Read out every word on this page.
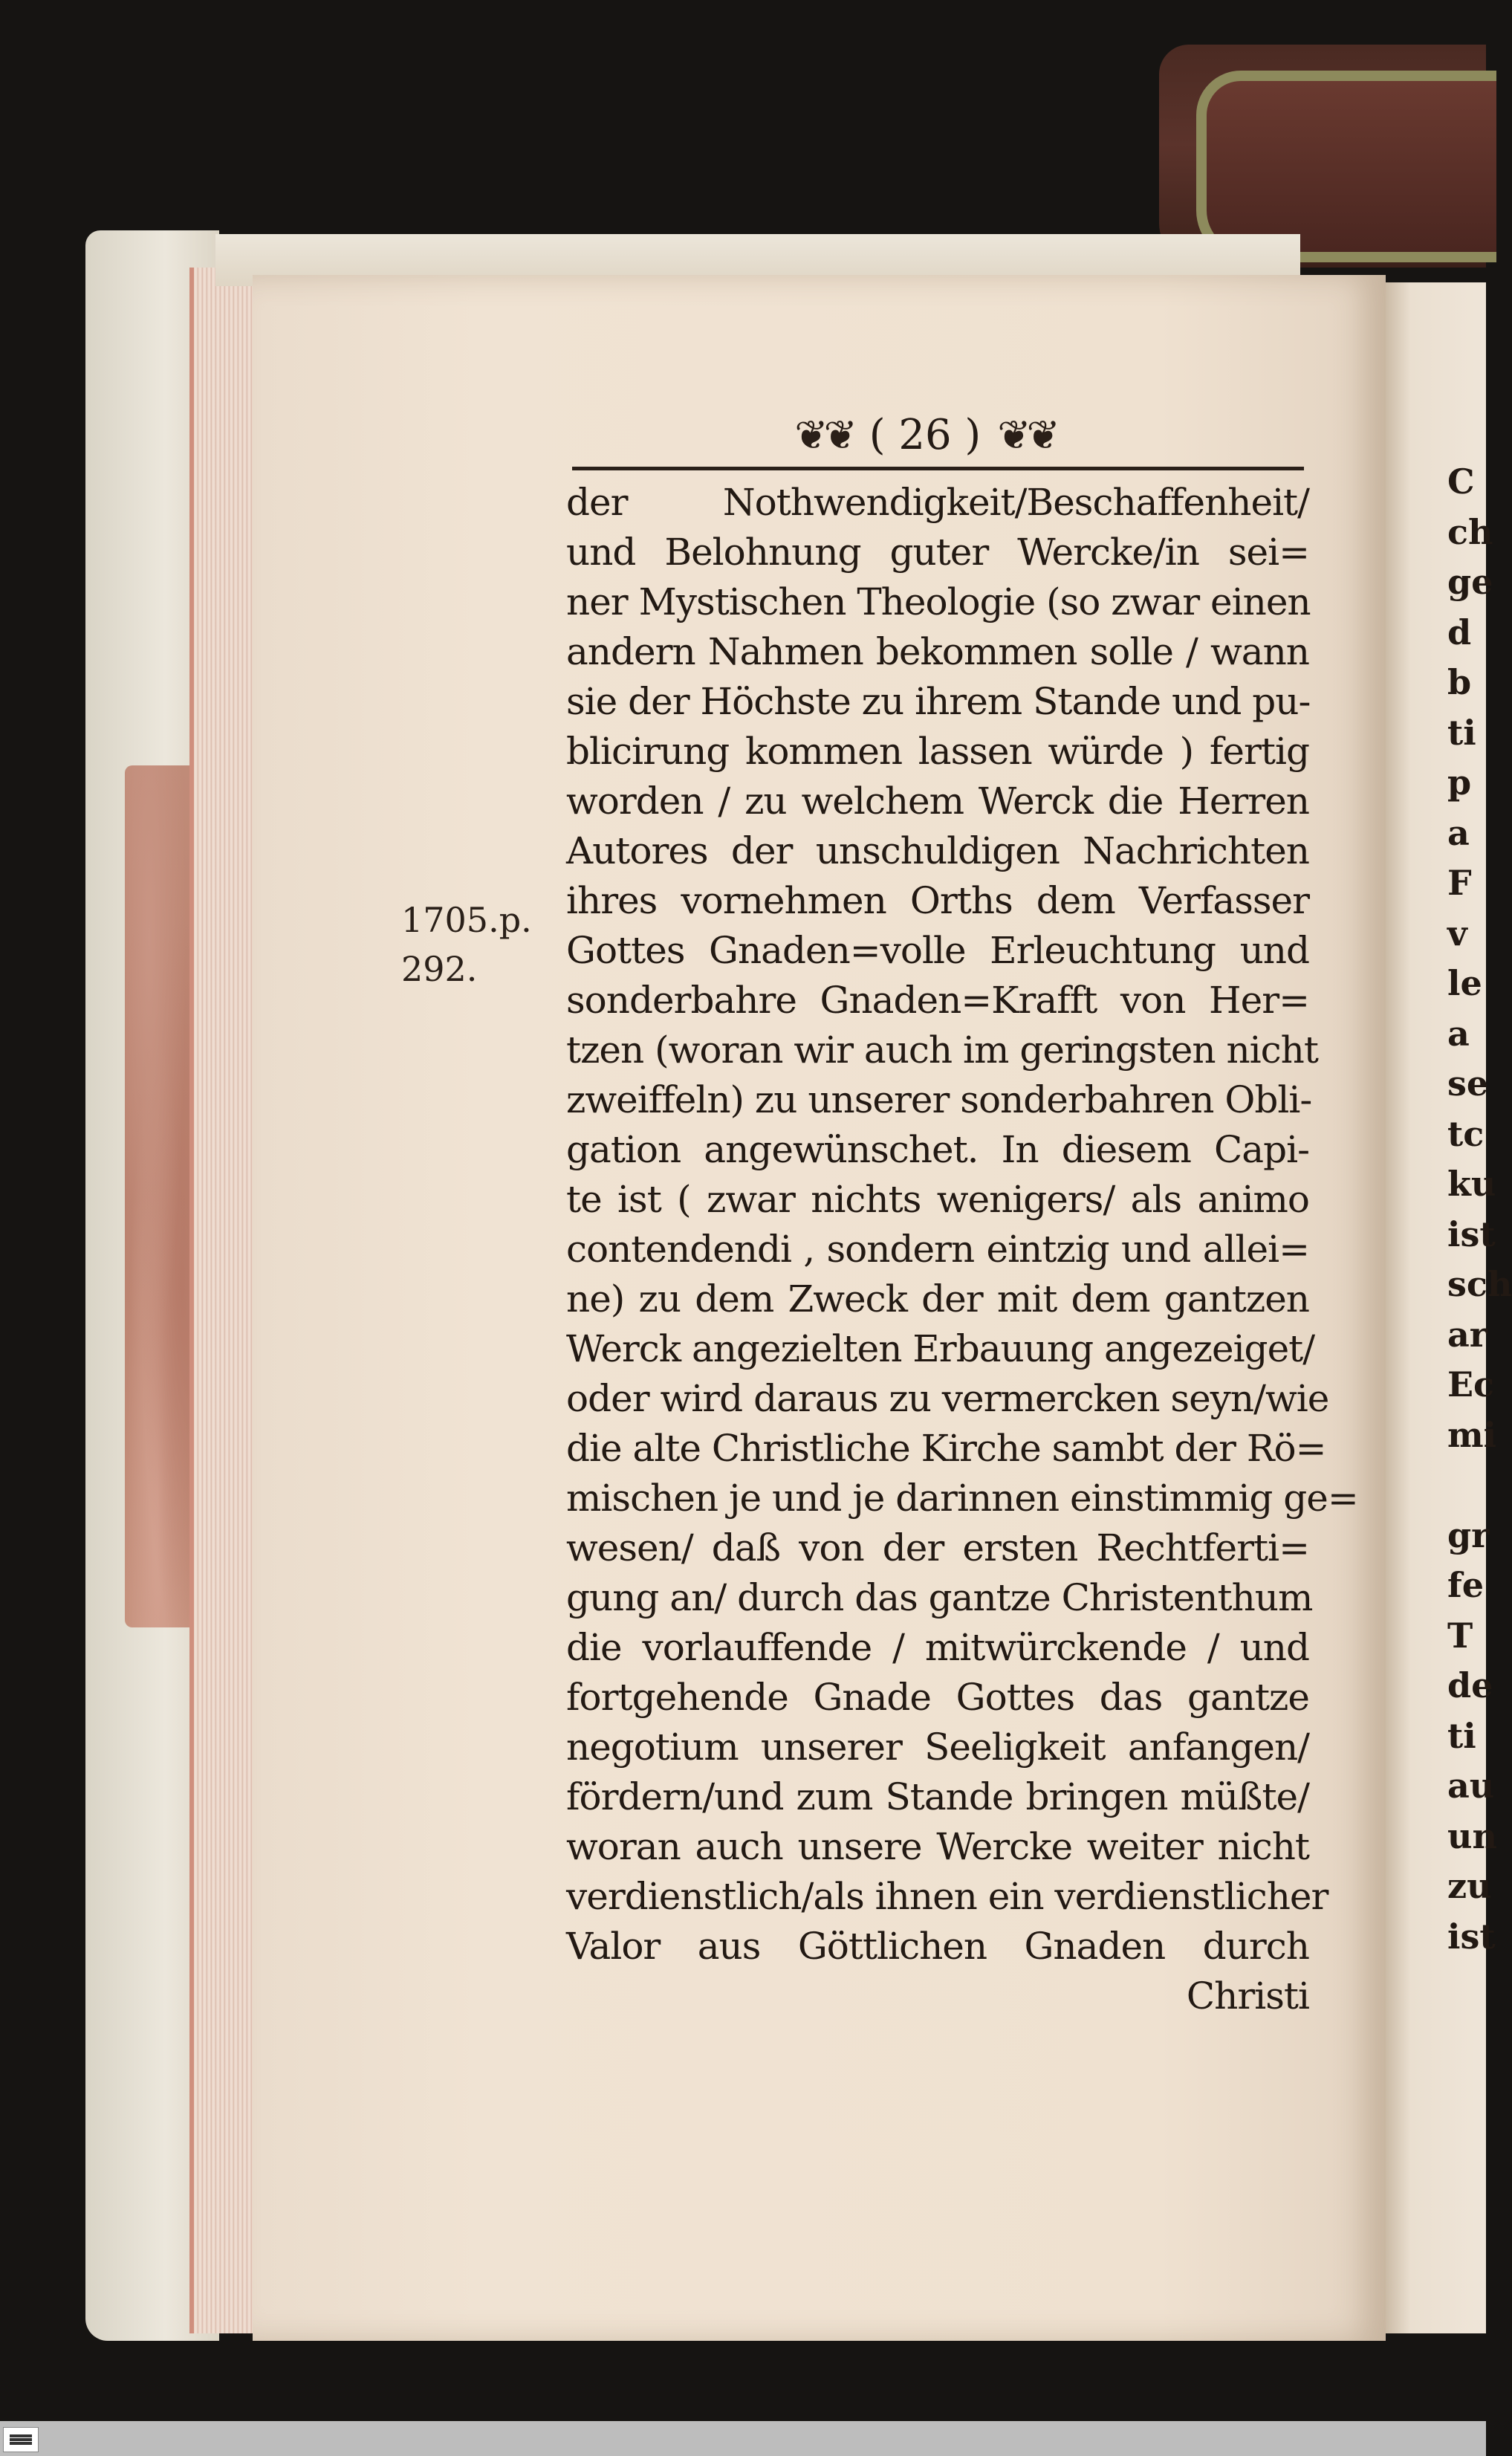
❦❦ ( 26 ) ❦❦
1705.p.
292.
der Nothwendigkeit/Beschaffenheit/
und Belohnung guter Wercke/in sei=
ner Mystischen Theologie (so zwar einen
andern Nahmen bekommen solle / wann
sie der Höchste zu ihrem Stande und pu-
blicirung kommen lassen würde ) fertig
worden / zu welchem Werck die Herren
Autores der unschuldigen Nachrichten
ihres vornehmen Orths dem Verfasser
Gottes Gnaden=volle Erleuchtung und
sonderbahre Gnaden=Krafft von Her=
tzen (woran wir auch im geringsten nicht
zweiffeln) zu unserer sonderbahren Obli-
gation angewünschet. In diesem Capi-
te ist ( zwar nichts wenigers/ als animo
contendendi , sondern eintzig und allei=
ne) zu dem Zweck der mit dem gantzen
Werck angezielten Erbauung angezeiget/
oder wird daraus zu vermercken seyn/wie
die alte Christliche Kirche sambt der Rö=
mischen je und je darinnen einstimmig ge=
wesen/ daß von der ersten Rechtferti=
gung an/ durch das gantze Christenthum
die vorlauffende / mitwürckende / und
fortgehende Gnade Gottes das gantze
negotium unserer Seeligkeit anfangen/
fördern/und zum Stande bringen müßte/
woran auch unsere Wercke weiter nicht
verdienstlich/als ihnen ein verdienstlicher
Valor aus Göttlichen Gnaden durch
Christi
C
ch
ge
d
b
ti
p
a
F
v
le
a
se
tc
ku
ist
sch
ar
Ec
mi
gr
fe
T
de
ti
au
un
zu
ist
